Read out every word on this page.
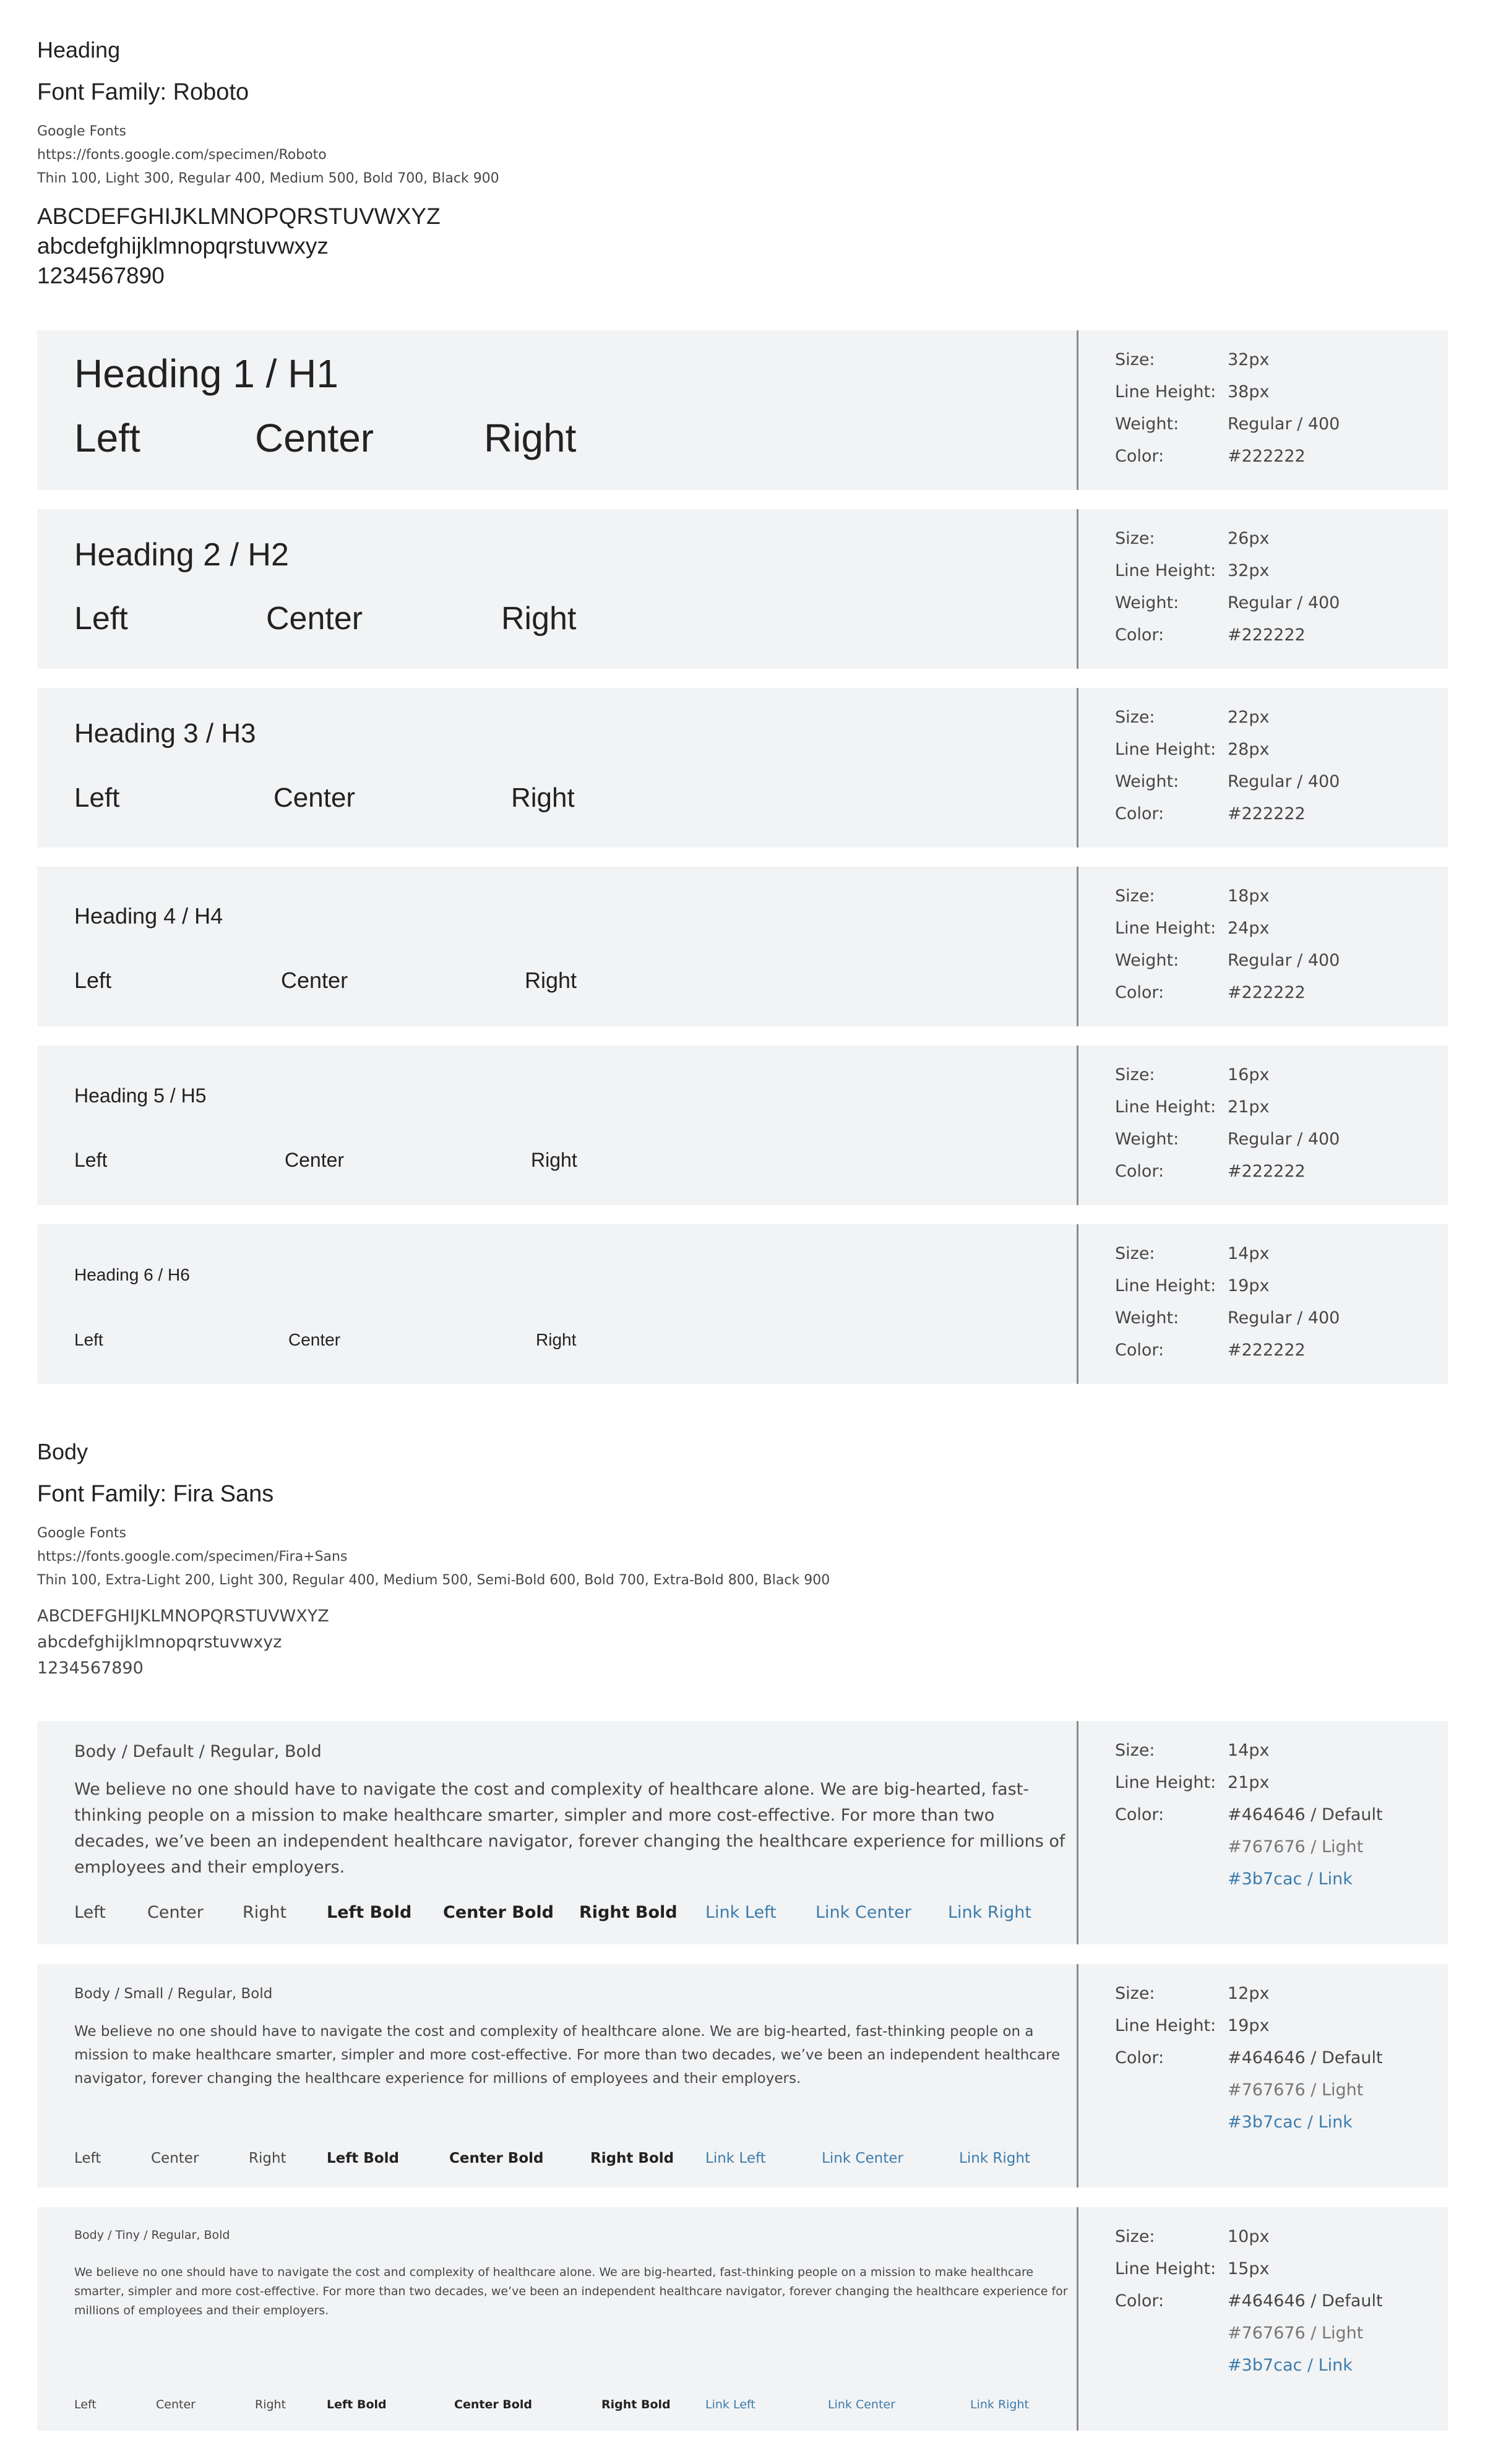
Heading
Font Family: Roboto
Google Fonts
https://fonts.google.com/specimen/Roboto
Thin 100, Light 300, Regular 400, Medium 500, Bold 700, Black 900
ABCDEFGHIJKLMNOPQRSTUVWXYZ
abcdefghijklmnopqrstuvwxyz
1234567890
Heading 1 / H1
Left	Center	Right
Size:	32px
Line Height: 38px
Weight:	Regular / 400
Color:	#222222
Heading 2 / H2
Left	Center	Right
Size:	26px
Line Height: 32px
Weight:	Regular / 400
Color:	#222222
Heading 3 / H3
Left	Center	Right
Size:	22px
Line Height: 28px
Weight:	Regular / 400
Color:	#222222
Heading 4 / H4
Left	Center	Right
Size:	18px
Line Height: 24px
Weight:	Regular / 400
Color:	#222222
Heading 5 / H5
Left	Center	Right
Size:	16px
Line Height: 21px
Weight:	Regular / 400
Color:	#222222
Heading 6 / H6
Left	Center	Right
Size:	14px
Line Height: 19px
Weight:	Regular / 400
Color:	#222222
Body
Font Family: Fira Sans
Google Fonts
https://fonts.google.com/specimen/Fira+Sans
Thin 100, Extra-Light 200, Light 300, Regular 400, Medium 500, Semi-Bold 600, Bold 700, Extra-Bold 800, Black 900
ABCDEFGHIJKLMNOPQRSTUVWXYZ
abcdefghijklmnopqrstuvwxyz
1234567890
Body / Default / Regular, Bold
We believe no one should have to navigate the cost and complexity of healthcare alone. We are big-hearted, fast-thinking people on a mission to make healthcare smarter, simpler and more cost-effective. For more than two decades, we’ve been an independent healthcare navigator, forever changing the healthcare experience for millions of employees and their employers.
Left Center Right Left Bold Center Bold Right Bold Link Left Link Center Link Right
Size:	14px
Line Height: 21px
Color:	#464646 / Default
#767676 / Light
#3b7cac / Link
Body / Small / Regular, Bold
We believe no one should have to navigate the cost and complexity of healthcare alone. We are big-hearted, fast-thinking people on a mission to make healthcare smarter, simpler and more cost-effective. For more than two decades, we’ve been an independent healthcare navigator, forever changing the healthcare experience for millions of employees and their employers.
Left	Center	Right	Left Bold	Center Bold	Right Bold Link Left	Link Center	Link Right
Size:	12px
Line Height: 19px
Color:	#464646 / Default
#767676 / Light
#3b7cac / Link
Body / Tiny / Regular, Bold
We believe no one should have to navigate the cost and complexity of healthcare alone. We are big-hearted, fast-thinking people on a mission to make healthcare smarter, simpler and more cost-effective. For more than two decades, we’ve been an independent healthcare navigator, forever changing the healthcare experience for millions of employees and their employers.
Left	Center	Right	Left Bold	Center Bold	Right Bold	Link Left	Link Center	Link Right
Size:	10px
Line Height: 15px
Color:	#464646 / Default
#767676 / Light
#3b7cac / Link
